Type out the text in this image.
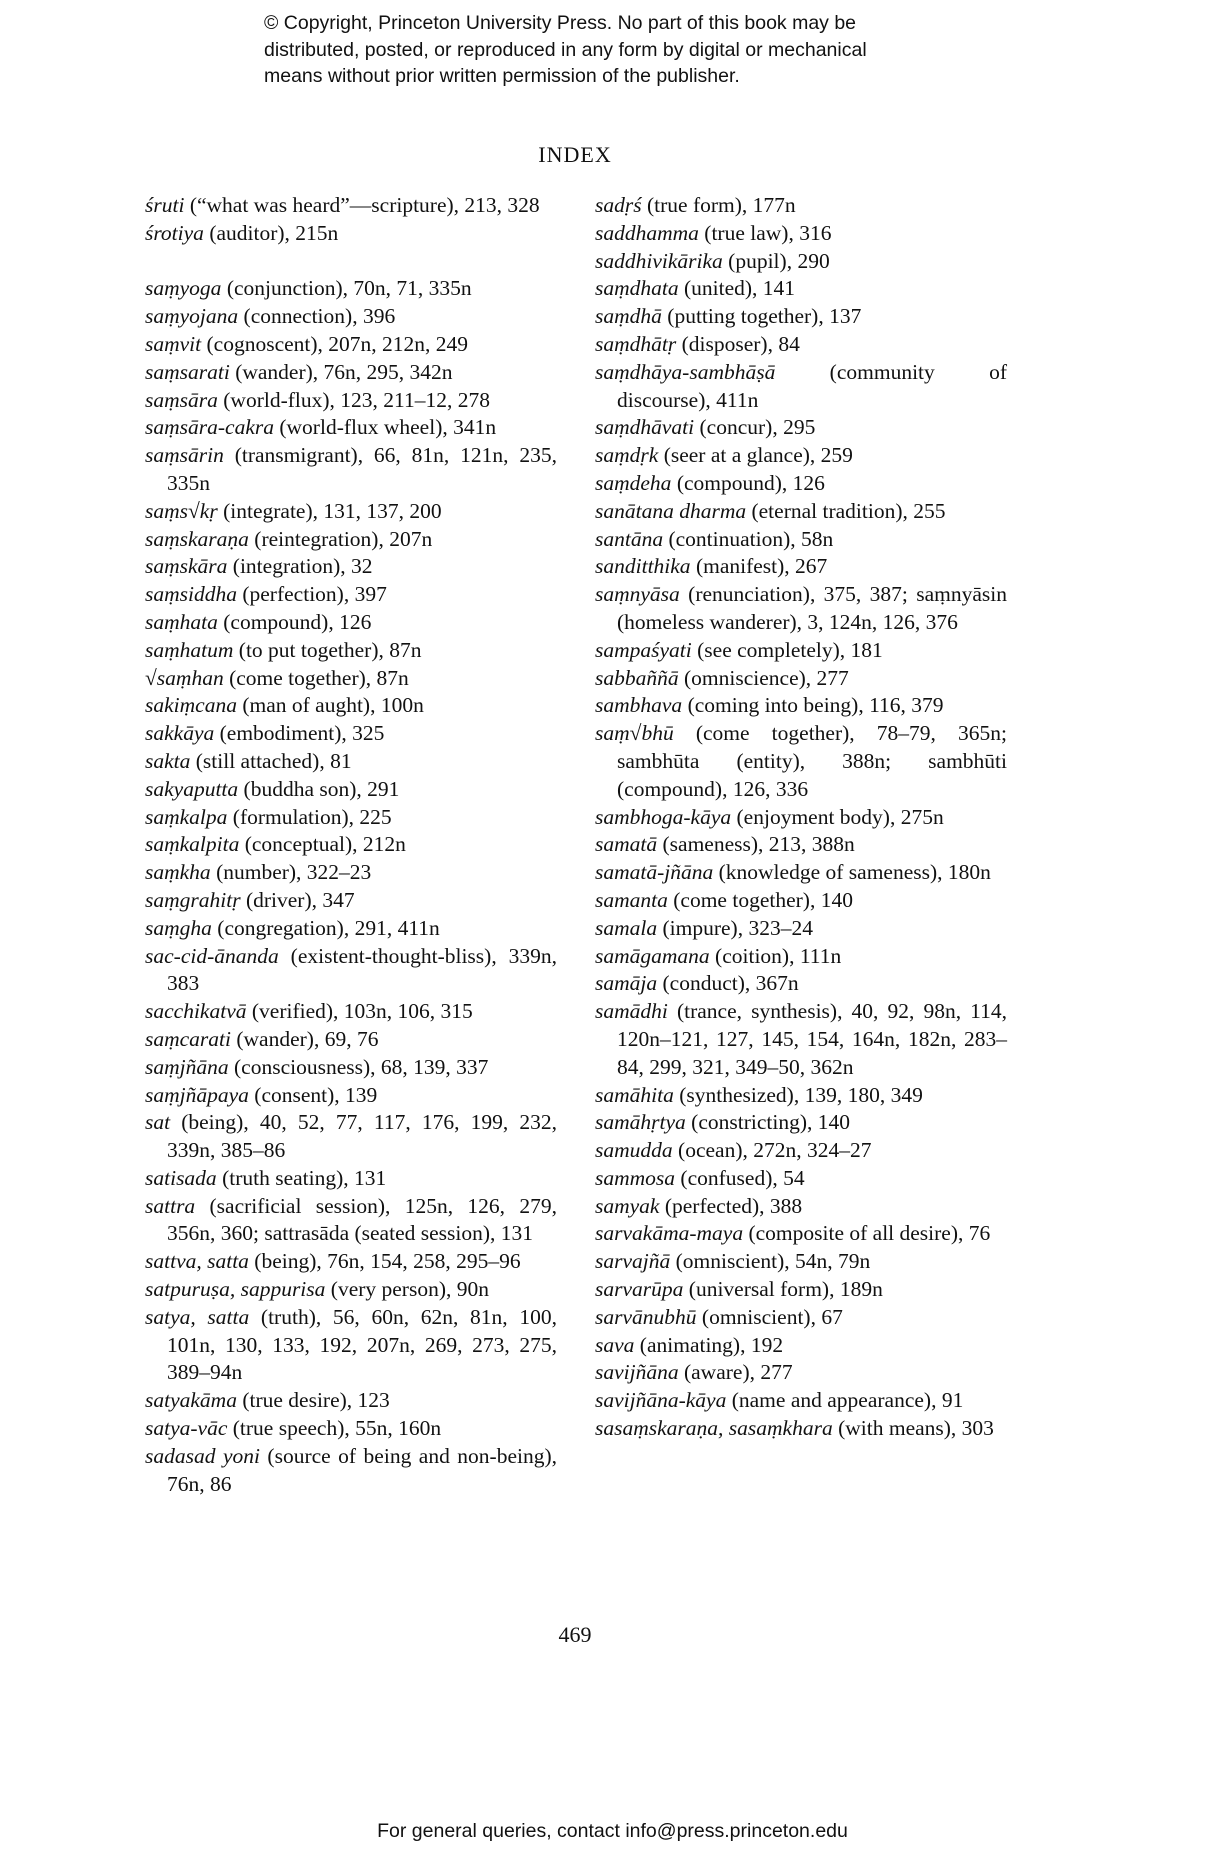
© Copyright, Princeton University Press. No part of this book may be
distributed, posted, or reproduced in any form by digital or mechanical
means without prior written permission of the publisher.
INDEX
śruti (“what was heard”—scripture), 213, 328
śrotiya (auditor), 215n
saṃyoga (conjunction), 70n, 71, 335n
saṃyojana (connection), 396
saṃvit (cognoscent), 207n, 212n, 249
saṃsarati (wander), 76n, 295, 342n
saṃsāra (world-flux), 123, 211–12, 278
saṃsāra-cakra (world-flux wheel), 341n
saṃsārin (transmigrant), 66, 81n, 121n, 235, 335n
saṃs√kṛ (integrate), 131, 137, 200
saṃskaraṇa (reintegration), 207n
saṃskāra (integration), 32
saṃsiddha (perfection), 397
saṃhata (compound), 126
saṃhatum (to put together), 87n
√saṃhan (come together), 87n
sakiṃcana (man of aught), 100n
sakkāya (embodiment), 325
sakta (still attached), 81
sakyaputta (buddha son), 291
saṃkalpa (formulation), 225
saṃkalpita (conceptual), 212n
saṃkha (number), 322–23
saṃgrahitṛ (driver), 347
saṃgha (congregation), 291, 411n
sac-cid-ānanda (existent-thought-bliss), 339n, 383
sacchikatvā (verified), 103n, 106, 315
saṃcarati (wander), 69, 76
saṃjñāna (consciousness), 68, 139, 337
saṃjñāpaya (consent), 139
sat (being), 40, 52, 77, 117, 176, 199, 232, 339n, 385–86
satisada (truth seating), 131
sattra (sacrificial session), 125n, 126, 279, 356n, 360; sattrasāda (seated session), 131
sattva, satta (being), 76n, 154, 258, 295–96
satpuruṣa, sappurisa (very person), 90n
satya, satta (truth), 56, 60n, 62n, 81n, 100, 101n, 130, 133, 192, 207n, 269, 273, 275, 389–94n
satyakāma (true desire), 123
satya-vāc (true speech), 55n, 160n
sadasad yoni (source of being and non-being), 76n, 86
sadṛś (true form), 177n
saddhamma (true law), 316
saddhivikārika (pupil), 290
saṃdhata (united), 141
saṃdhā (putting together), 137
saṃdhātṛ (disposer), 84
saṃdhāya-sambhāṣā (community of discourse), 411n
saṃdhāvati (concur), 295
saṃdṛk (seer at a glance), 259
saṃdeha (compound), 126
sanātana dharma (eternal tradition), 255
santāna (continuation), 58n
sanditthika (manifest), 267
saṃnyāsa (renunciation), 375, 387; saṃnyāsin (homeless wanderer), 3, 124n, 126, 376
sampaśyati (see completely), 181
sabbaññā (omniscience), 277
sambhava (coming into being), 116, 379
saṃ√bhū (come together), 78–79, 365n; sambhūta (entity), 388n; sambhūti (compound), 126, 336
sambhoga-kāya (enjoyment body), 275n
samatā (sameness), 213, 388n
samatā-jñāna (knowledge of sameness), 180n
samanta (come together), 140
samala (impure), 323–24
samāgamana (coition), 111n
samāja (conduct), 367n
samādhi (trance, synthesis), 40, 92, 98n, 114, 120n–121, 127, 145, 154, 164n, 182n, 283–84, 299, 321, 349–50, 362n
samāhita (synthesized), 139, 180, 349
samāhṛtya (constricting), 140
samudda (ocean), 272n, 324–27
sammosa (confused), 54
samyak (perfected), 388
sarvakāma-maya (composite of all desire), 76
sarvajñā (omniscient), 54n, 79n
sarvarūpa (universal form), 189n
sarvānubhū (omniscient), 67
sava (animating), 192
savijñāna (aware), 277
savijñāna-kāya (name and appearance), 91
sasaṃskaraṇa, sasaṃkhara (with means), 303
469
For general queries, contact info@press.princeton.edu
